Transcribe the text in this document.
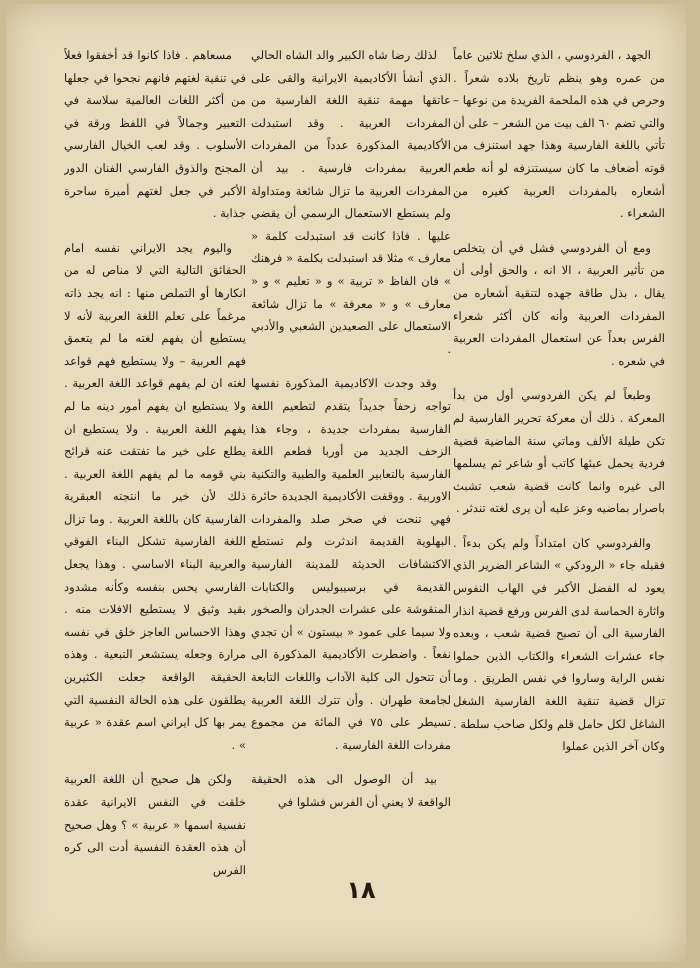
الجهد ، الفردوسي ، الذي سلخ ثلاثين عاماً من عمره وهو ينظم تاريخ بلاده شعراً . وحرص في هذه الملحمة الفريدة من نوعها – والتي تضم ٦٠ الف بيت من الشعر – على أن تأتي باللغة الفارسية وهذا جهد استنزف من قوته أضعاف ما كان سيستنزفه لو أنه طعم أشعاره بالمفردات العربية كغيره من الشعراء .

ومع أن الفردوسي فشل في أن يتخلص من تأثير العربية ، الا انه ، والحق أولى أن يقال ، بذل طاقة جهده لتنقية أشعاره من المفردات العربية وأنه كان أكثر شعراء الفرس بعداً عن استعمال المفردات العربية في شعره .

وطبعاً لم يكن الفردوسي أول من بدأ المعركة . ذلك أن معركة تحرير الفارسية لم تكن طيلة الألف وماتي سنة الماضية قضية فردية يحمل عبئها كاتب أو شاعر ثم يسلمها الى غيره وانما كانت قضية شعب تشبث باصرار بماضيه وعز عليه أن يرى لغته تندثر .

والفردوسي كان امتداداً ولم يكن بدءاً . فقبله جاء « الرودكي » الشاعر الضرير الذي يعود له الفضل الأكبر في الهاب النفوس واثارة الحماسة لدى الفرس ورفع قضية انذار الفارسية الى أن تصبح قضية شعب ، وبعده جاء عشرات الشعراء والكتاب الذين حملوا نفس الراية وساروا في نفس الطريق . وما تزال قضية تنقية اللغة الفارسية الشغل الشاغل لكل حامل قلم ولكل صاحب سلطة . وكان آخر الذين عملوا

لذلك رضا شاه الكبير والد الشاه الحالي الذي أنشأ الأكاديمية الايرانية والقى على عاتقها مهمة تنقية اللغة الفارسية من المفردات العربية . وقد استبدلت الأكاديمية المذكورة عدداً من المفردات العربية بمفردات فارسية . بيد أن المفردات العربية ما تزال شائعة ومتداولة ولم يستطع الاستعمال الرسمي أن يقضي عليها . فاذا كانت قد استبدلت كلمة « معارف » مثلا قد استبدلت بكلمة « فرهنك » فان الفاظ « تربية » و « تعليم » و « معارف » و « معرفة » ما تزال شائعة الاستعمال على الصعيدين الشعبي والأدبي .

وقد وجدت الاكاديمية المذكورة نفسها تواجه زحفاً جديداً يتقدم لتطعيم اللغة الفارسية بمفردات جديدة ، وجاء هذا الزحف الجديد من أوربا فطعم اللغة الفارسية بالتعابير العلمية والطبية والتكنية الاوربية . ووقفت الأكاديمية الجديدة حائرة فهي تنحت في صخر صلد والمفردات البهلوية القديمة اندثرت ولم تستطع الاكتشافات الحديثة للمدينة الفارسية القديمة في برسيبوليس والكتابات المنقوشة على عشرات الجدران والصخور ولا سيما على عمود « بيستون » أن تجدي نفعاً . واضطرت الأكاديمية المذكورة الى أن تتحول الى كلية الآداب واللغات التابعة لجامعة طهران . وأن تترك اللغة العربية تسيطر على ٧٥ في المائة من مجموع مفردات اللغة الفارسية .

بيد أن الوصول الى هذه الحقيقة الواقعة لا يعني أن الفرس فشلوا في

مسعاهم . فاذا كانوا قد أخفقوا فعلاً في تنقية لغتهم فانهم نجحوا في جعلها من أكثر اللغات العالمية سلاسة في التعبير وجمالاً في اللفظ ورقة في الأسلوب . وقد لعب الخيال الفارسي المجنح والذوق الفارسي الفنان الدور الأكبر في جعل لغتهم أميرة ساحرة جذابة .

واليوم يجد الايراني نفسه امام الحقائق التالية التي لا مناص له من انكارها أو التملص منها : انه يجد ذاته مرغماً على تعلم اللغة العربية لأنه لا يستطيع أن يفهم لغته ما لم يتعمق فهم العربية – ولا يستطيع فهم قواعد لغته ان لم يفهم قواعد اللغة العربية . ولا يستطيع ان يفهم أمور دينه ما لم يفهم اللغة العربية . ولا يستطيع ان يطلع على خير ما تفتقت عنه قرائح بني قومه ما لم يفهم اللغة العربية . ذلك لأن خير ما انتجته العبقرية الفارسية كان باللغة العربية . وما تزال اللغة الفارسية تشكل البناء الفوقي والعربية البناء الاساسي . وهذا يجعل الفارسي يحس بنفسه وكأنه مشدود بقيد وثيق لا يستطيع الافلات منه . وهذا الاحساس العاجز خلق في نفسه مرارة وجعله يستشعر التبعية . وهذه الحقيقة الواقعة جعلت الكثيرين يطلقون على هذه الحالة النفسية التي يمر بها كل ايراني اسم عقدة « عربية » .

ولكن هل صحيح أن اللغة العربية خلقت في النفس الايرانية عقدة نفسية اسمها « عربية » ؟ وهل صحيح أن هذه العقدة النفسية أدت الى كره الفرس

١٨
